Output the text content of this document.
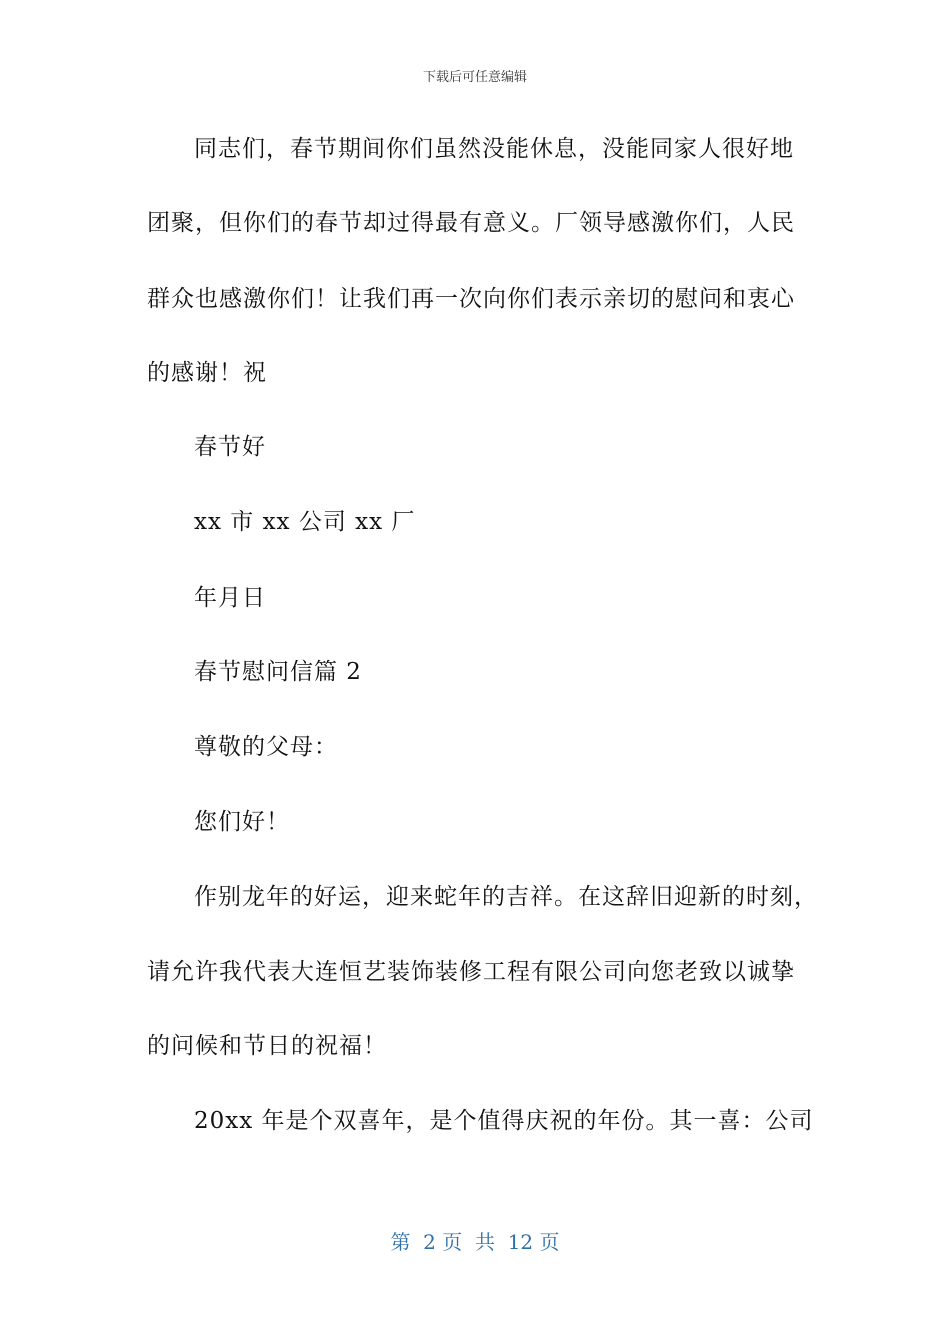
下载后可任意编辑
同志们，春节期间你们虽然没能休息，没能同家人很好地
团聚，但你们的春节却过得最有意义。厂领导感激你们，人民
群众也感激你们！让我们再一次向你们表示亲切的慰问和衷心
的感谢！祝
春节好
xx 市 xx 公司 xx 厂
年月日
春节慰问信篇 2
尊敬的父母：
您们好！
作别龙年的好运，迎来蛇年的吉祥。在这辞旧迎新的时刻，
请允许我代表大连恒艺装饰装修工程有限公司向您老致以诚挚
的问候和节日的祝福！
20xx 年是个双喜年，是个值得庆祝的年份。其一喜：公司
第  2 页  共  12 页
